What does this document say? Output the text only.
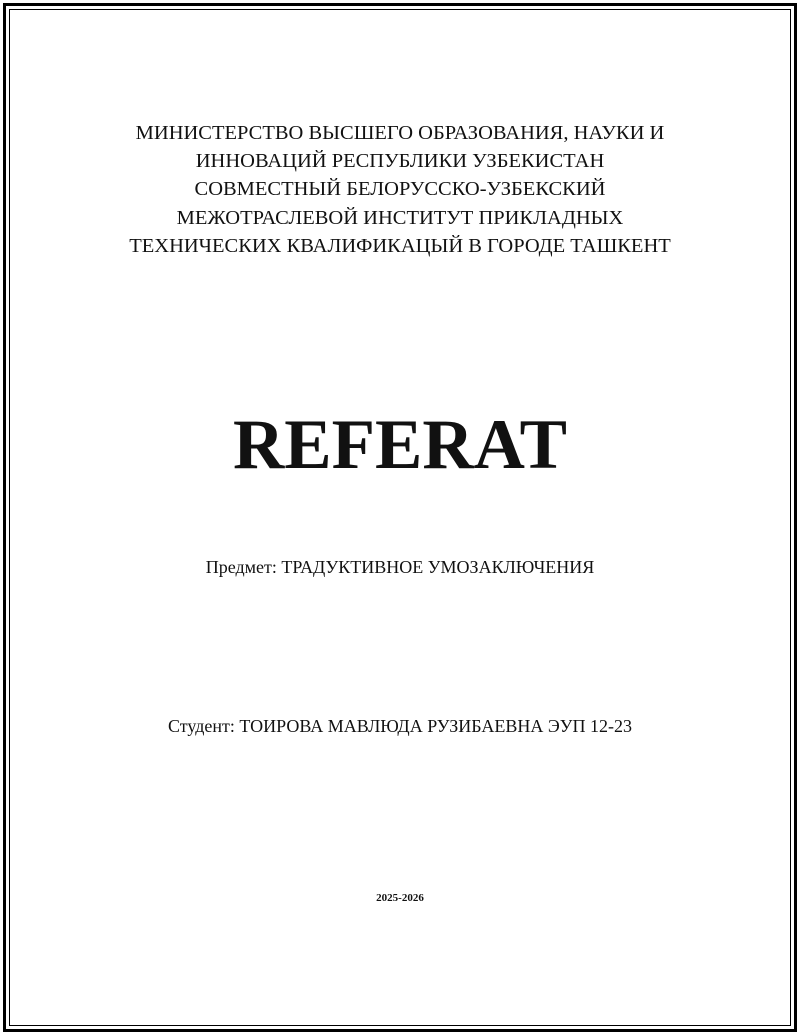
МИНИСТЕРСТВО ВЫСШЕГО ОБРАЗОВАНИЯ, НАУКИ И
ИННОВАЦИЙ РЕСПУБЛИКИ УЗБЕКИСТАН
СОВМЕСТНЫЙ БЕЛОРУССКО-УЗБЕКСКИЙ
МЕЖОТРАСЛЕВОЙ ИНСТИТУТ ПРИКЛАДНЫХ
ТЕХНИЧЕСКИХ КВАЛИФИКАЦЫЙ В ГОРОДЕ ТАШКЕНТ
REFERAT
Предмет: ТРАДУКТИВНОЕ УМОЗАКЛЮЧЕНИЯ
Студент: ТОИРОВА МАВЛЮДА РУЗИБАЕВНА ЭУП 12-23
2025-2026
